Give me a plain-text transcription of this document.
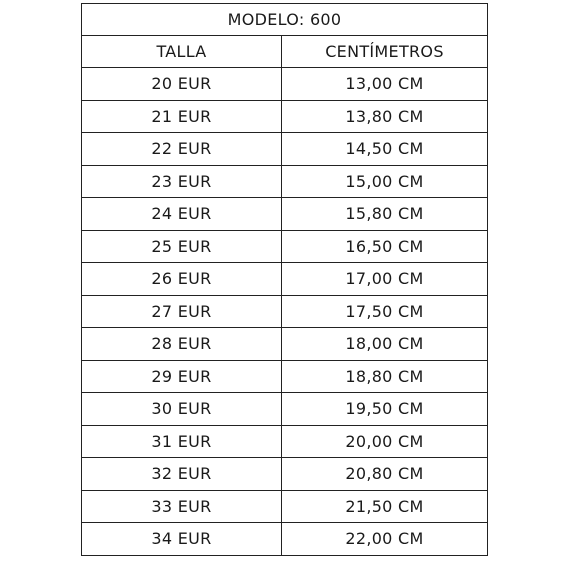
MODELO: 600	
TALLA	CENTÍMETROS
20 EUR	13,00 CM
21 EUR	13,80 CM
22 EUR	14,50 CM
23 EUR	15,00 CM
24 EUR	15,80 CM
25 EUR	16,50 CM
26 EUR	17,00 CM
27 EUR	17,50 CM
28 EUR	18,00 CM
29 EUR	18,80 CM
30 EUR	19,50 CM
31 EUR	20,00 CM
32 EUR	20,80 CM
33 EUR	21,50 CM
34 EUR	22,00 CM
